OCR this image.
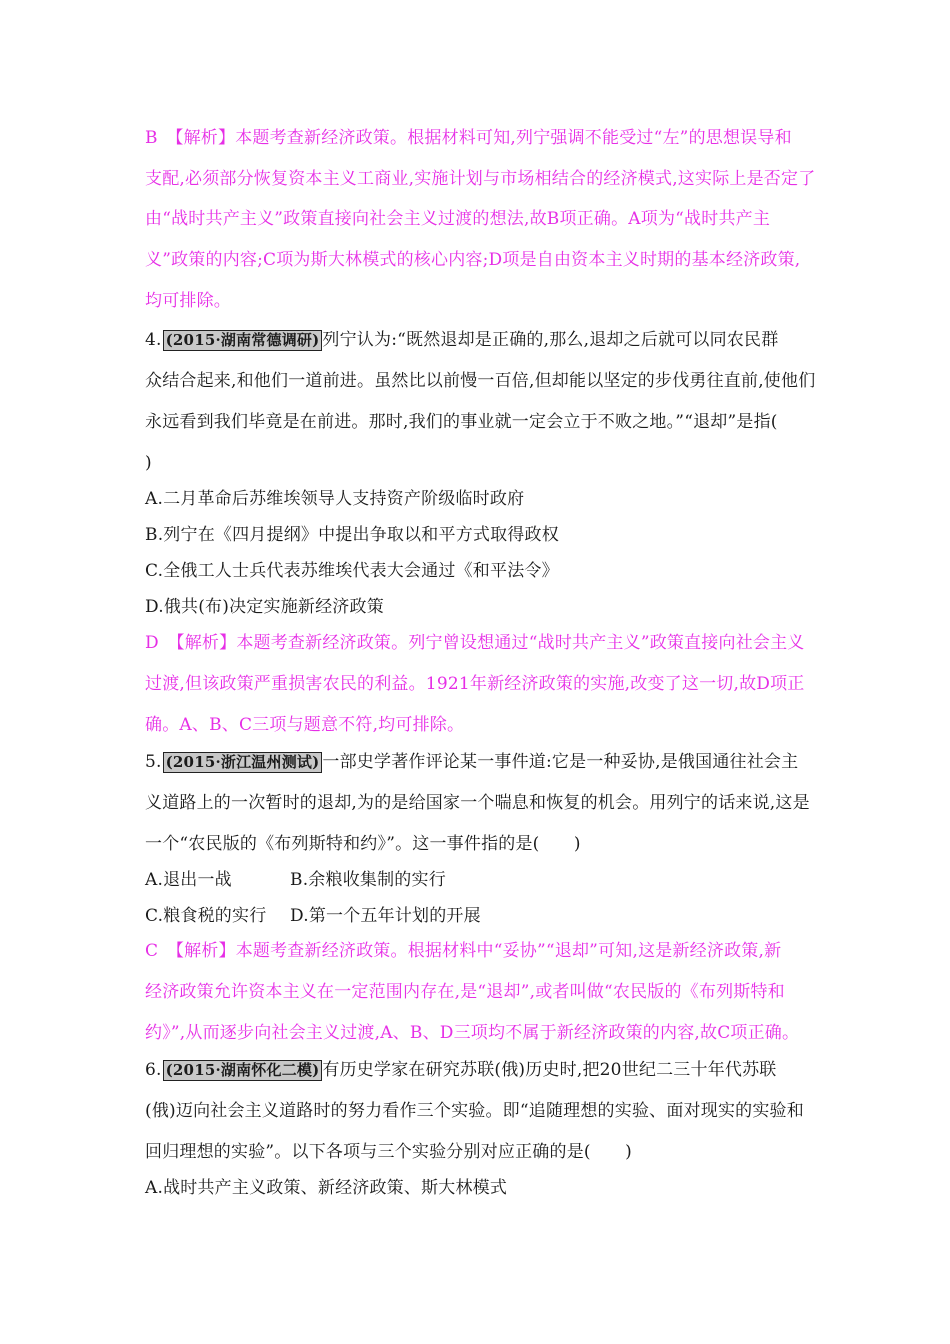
B　【解析】本题考查新经济政策。根据材料可知,列宁强调不能受过“左”的思想误导和
支配,必须部分恢复资本主义工商业,实施计划与市场相结合的经济模式,这实际上是否定了
由“战时共产主义”政策直接向社会主义过渡的想法,故B项正确。A项为“战时共产主
义”政策的内容;C项为斯大林模式的核心内容;D项是自由资本主义时期的基本经济政策,
均可排除。
4. (2015·湖南常德调研) 列宁认为:“既然退却是正确的,那么,退却之后就可以同农民群
众结合起来,和他们一道前进。虽然比以前慢一百倍,但却能以坚定的步伐勇往直前,使他们
永远看到我们毕竟是在前进。那时,我们的事业就一定会立于不败之地。”“退却”是指(
)
A.二月革命后苏维埃领导人支持资产阶级临时政府
B.列宁在《四月提纲》中提出争取以和平方式取得政权
C.全俄工人士兵代表苏维埃代表大会通过《和平法令》
D.俄共(布)决定实施新经济政策
D　【解析】本题考查新经济政策。列宁曾设想通过“战时共产主义”政策直接向社会主义
过渡,但该政策严重损害农民的利益。1921年新经济政策的实施,改变了这一切,故D项正
确。A、B、C三项与题意不符,均可排除。
5. (2015·浙江温州测试) 一部史学著作评论某一事件道:它是一种妥协,是俄国通往社会主
义道路上的一次暂时的退却,为的是给国家一个喘息和恢复的机会。用列宁的话来说,这是
一个“农民版的《布列斯特和约》”。这一事件指的是(　　)
A.退出一战	B.余粮收集制的实行
C.粮食税的实行 D.第一个五年计划的开展
C　【解析】本题考查新经济政策。根据材料中“妥协”“退却”可知,这是新经济政策,新
经济政策允许资本主义在一定范围内存在,是“退却”,或者叫做“农民版的《布列斯特和
约》”,从而逐步向社会主义过渡,A、B、D三项均不属于新经济政策的内容,故C项正确。
6. (2015·湖南怀化二模) 有历史学家在研究苏联(俄)历史时,把20世纪二三十年代苏联
(俄)迈向社会主义道路时的努力看作三个实验。即“追随理想的实验、面对现实的实验和
回归理想的实验”。以下各项与三个实验分别对应正确的是(　　)
A.战时共产主义政策、新经济政策、斯大林模式
